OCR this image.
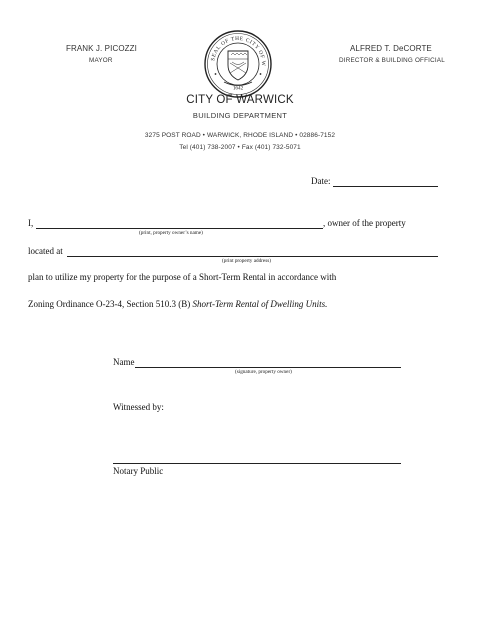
FRANK J. PICOZZI
MAYOR
ALFRED T. DeCORTE
DIRECTOR & BUILDING OFFICIAL
SEAL OF THE CITY OF W
1642
CITY OF WARWICK
BUILDING DEPARTMENT
3275 POST ROAD • WARWICK, RHODE ISLAND • 02886-7152
Tel (401) 738-2007 • Fax (401) 732-5071
Date:
I,	, owner of the property
(print, property owner’s name)
located at
(print property address)
plan to utilize my property for the purpose of a Short-Term Rental in accordance with
Zoning Ordinance O-23-4, Section 510.3 (B) Short-Term Rental of Dwelling Units.
Name
(signature, property owner)
Witnessed by:
Notary Public
